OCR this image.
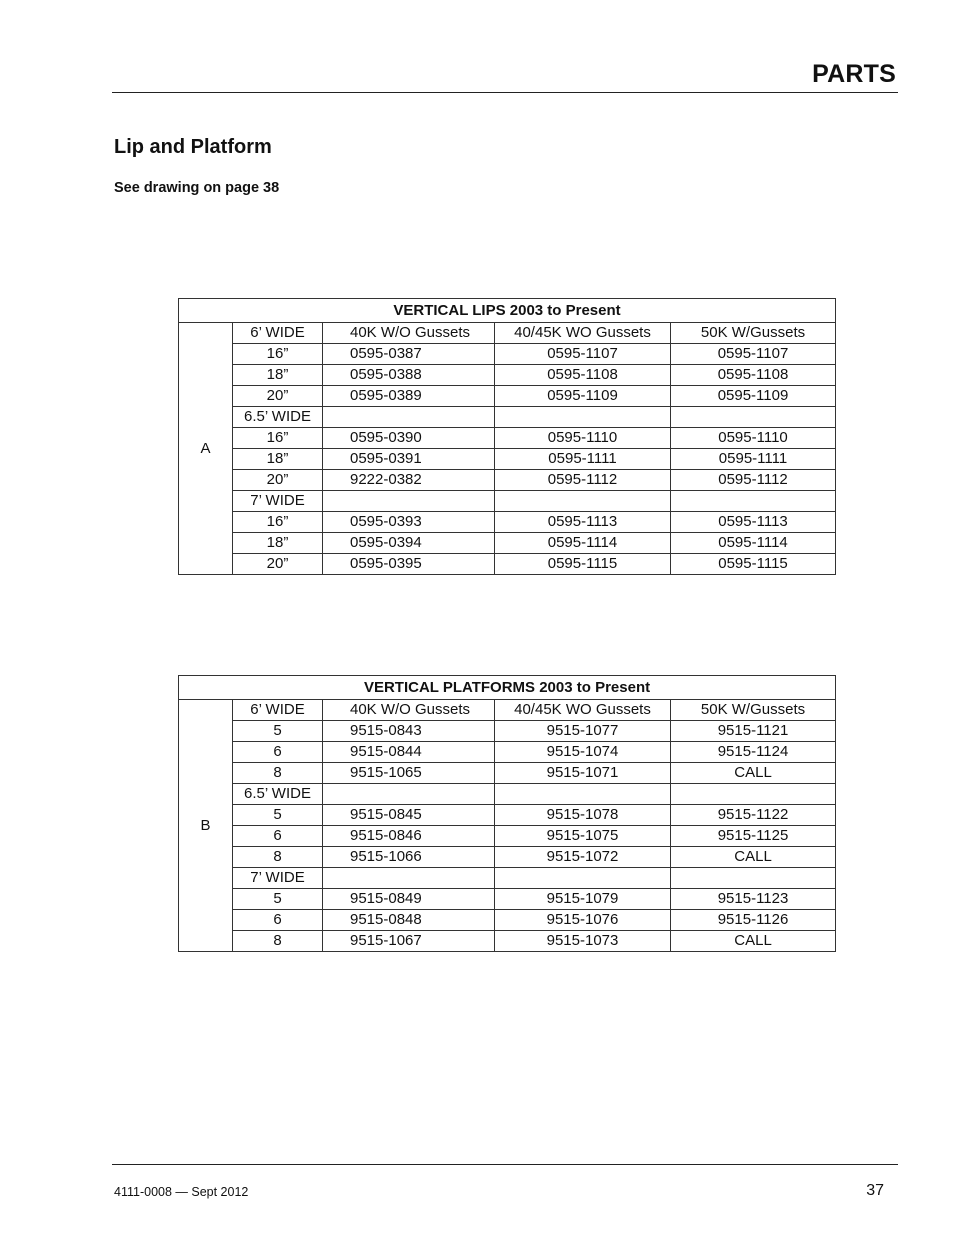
PARTS
Lip and Platform
See drawing on page 38
VERTICAL LIPS 2003 to Present				
A	6’ WIDE	40K W/O Gussets	40/45K WO Gussets	50K W/Gussets
	16”	0595-0387	0595-1107	0595-1107
	18”	0595-0388	0595-1108	0595-1108
	20”	0595-0389	0595-1109	0595-1109
	6.5’ WIDE			
	16”	0595-0390	0595-1110	0595-1110
	18”	0595-0391	0595-1111	0595-1111
	20”	9222-0382	0595-1112	0595-1112
	7’ WIDE			
	16”	0595-0393	0595-1113	0595-1113
	18”	0595-0394	0595-1114	0595-1114
	20”	0595-0395	0595-1115	0595-1115
VERTICAL PLATFORMS 2003 to Present				
B	6’ WIDE	40K W/O Gussets	40/45K WO Gussets	50K W/Gussets
	5	9515-0843	9515-1077	9515-1121
	6	9515-0844	9515-1074	9515-1124
	8	9515-1065	9515-1071	CALL
	6.5’ WIDE			
	5	9515-0845	9515-1078	9515-1122
	6	9515-0846	9515-1075	9515-1125
	8	9515-1066	9515-1072	CALL
	7’ WIDE			
	5	9515-0849	9515-1079	9515-1123
	6	9515-0848	9515-1076	9515-1126
	8	9515-1067	9515-1073	CALL
4111-0008 — Sept 2012	37
